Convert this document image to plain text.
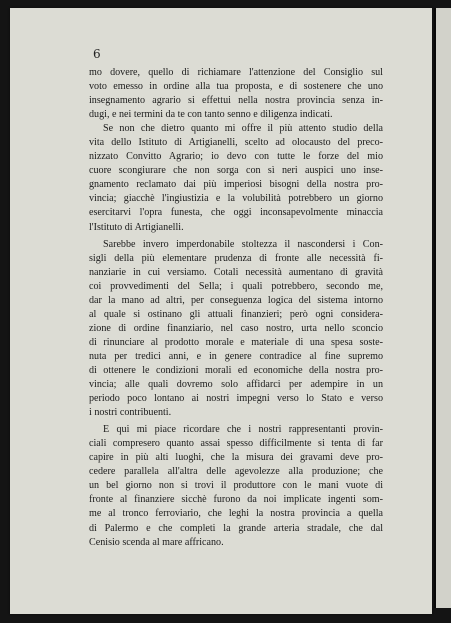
6
mo dovere, quello di richiamare l'attenzione del Consiglio sul
voto emesso in ordine alla tua proposta, e di sostenere che uno
insegnamento agrario si effettui nella nostra provincia senza in-
dugi, e nei termini da te con tanto senno e diligenza indicati.
Se non che dietro quanto mi offre il più attento studio della
vita dello Istituto di Artigianelli, scelto ad olocausto del preco-
nizzato Convitto Agrario; io devo con tutte le forze del mio
cuore scongiurare che non sorga con sì neri auspici uno inse-
gnamento reclamato dai più imperiosi bisogni della nostra pro-
vincia; giacchè l'ingiustizia e la volubilità potrebbero un giorno
esercitarvi l'opra funesta, che oggi inconsapevolmente minaccia
l'Istituto di Artigianelli.
Sarebbe invero imperdonabile stoltezza il nascondersi i Con-
sigli della più elementare prudenza di fronte alle necessità fi-
nanziarie in cui versiamo. Cotali necessità aumentano di gravità
coi provvedimenti del Sella; i quali potrebbero, secondo me,
dar la mano ad altri, per conseguenza logica del sistema intorno
al quale si ostinano gli attuali finanzieri; però ogni considera-
zione di ordine finanziario, nel caso nostro, urta nello sconcio
di rinunciare al prodotto morale e materiale di una spesa soste-
nuta per tredici anni, e in genere contradice al fine supremo
di ottenere le condizioni morali ed economiche della nostra pro-
vincia; alle quali dovremo solo affidarci per adempire in un
periodo poco lontano ai nostri impegni verso lo Stato e verso
i nostri contribuenti.
E qui mi piace ricordare che i nostri rappresentanti provin-
ciali compresero quanto assai spesso difficilmente si tenta di far
capire in più alti luoghi, che la misura dei gravami deve pro-
cedere parallela all'altra delle agevolezze alla produzione; che
un bel giorno non si trovi il produttore con le mani vuote di
fronte al finanziere sicchè furono da noi implicate ingenti som-
me al tronco ferroviario, che leghi la nostra provincia a quella
di Palermo e che completi la grande arteria stradale, che dal
Cenisio scenda al mare affricano.
